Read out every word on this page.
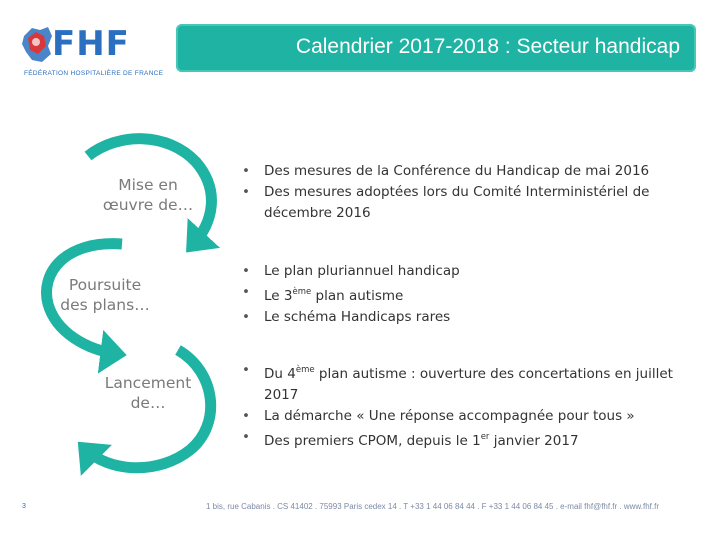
FHF
FÉDÉRATION HOSPITALIÈRE DE FRANCE
Calendrier 2017-2018 : Secteur handicap
Mise en
œuvre de…
Poursuite
des plans…
Lancement
de…
• Des mesures de la Conférence du Handicap de mai 2016
• Des mesures adoptées lors du Comité Interministériel de décembre 2016
• Le plan pluriannuel handicap
• Le 3ème plan autisme
• Le schéma Handicaps rares
• Du 4ème plan autisme : ouverture des concertations en juillet 2017
• La démarche « Une réponse accompagnée pour tous »
• Des premiers CPOM, depuis le 1er janvier 2017
3	1 bis, rue Cabanis . CS 41402 . 75993 Paris cedex 14 . T +33 1 44 06 84 44 . F +33 1 44 06 84 45 . e-mail fhf@fhf.fr . www.fhf.fr
